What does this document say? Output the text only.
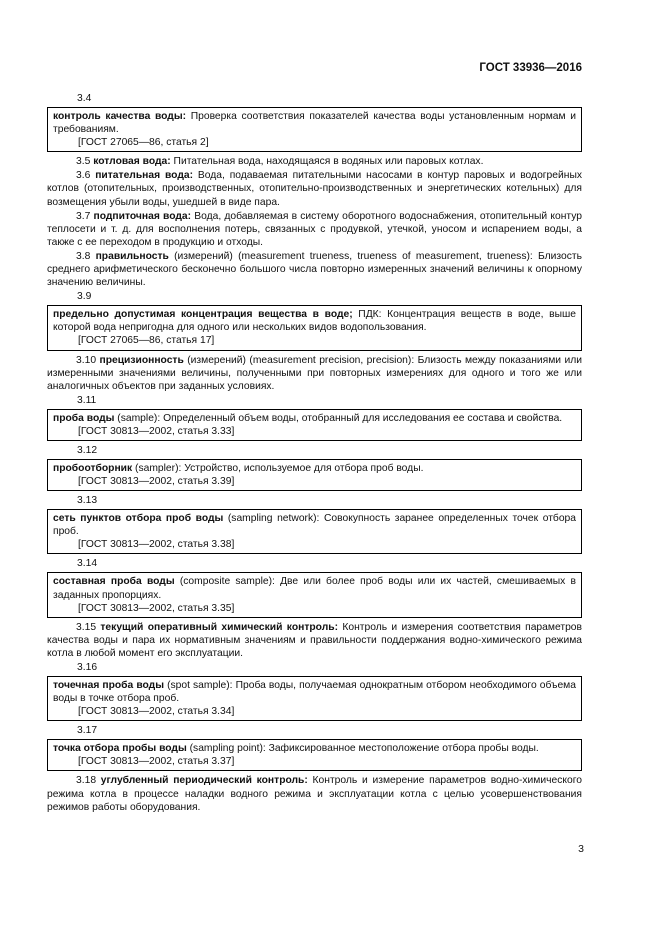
ГОСТ 33936—2016
3.4
контроль качества воды: Проверка соответствия показателей качества воды установленным нормам и требованиям.
[ГОСТ 27065—86, статья 2]
3.5 котловая вода: Питательная вода, находящаяся в водяных или паровых котлах.
3.6 питательная вода: Вода, подаваемая питательными насосами в контур паровых и водогрейных котлов (отопительных, производственных, отопительно-производственных и энергетических котельных) для возмещения убыли воды, ушедшей в виде пара.
3.7 подпиточная вода: Вода, добавляемая в систему оборотного водоснабжения, отопительный контур теплосети и т. д. для восполнения потерь, связанных с продувкой, утечкой, уносом и испарением воды, а также с ее переходом в продукцию и отходы.
3.8 правильность (измерений) (measurement trueness, trueness of measurement, trueness): Близость среднего арифметического бесконечно большого числа повторно измеренных значений величины к опорному значению величины.
3.9
предельно допустимая концентрация вещества в воде; ПДК: Концентрация веществ в воде, выше которой вода непригодна для одного или нескольких видов водопользования.
[ГОСТ 27065—86, статья 17]
3.10 прецизионность (измерений) (measurement precision, precision): Близость между показаниями или измеренными значениями величины, полученными при повторных измерениях для одного и того же или аналогичных объектов при заданных условиях.
3.11
проба воды (sample): Определенный объем воды, отобранный для исследования ее состава и свойства.
[ГОСТ 30813—2002, статья 3.33]
3.12
пробоотборник (sampler): Устройство, используемое для отбора проб воды.
[ГОСТ 30813—2002, статья 3.39]
3.13
сеть пунктов отбора проб воды (sampling network): Совокупность заранее определенных точек отбора проб.
[ГОСТ 30813—2002, статья 3.38]
3.14
составная проба воды (composite sample): Две или более проб воды или их частей, смешиваемых в заданных пропорциях.
[ГОСТ 30813—2002, статья 3.35]
3.15 текущий оперативный химический контроль: Контроль и измерения соответствия параметров качества воды и пара их нормативным значениям и правильности поддержания водно-химического режима котла в любой момент его эксплуатации.
3.16
точечная проба воды (spot sample): Проба воды, получаемая однократным отбором необходимого объема воды в точке отбора проб.
[ГОСТ 30813—2002, статья 3.34]
3.17
точка отбора пробы воды (sampling point): Зафиксированное местоположение отбора пробы воды.
[ГОСТ 30813—2002, статья 3.37]
3.18 углубленный периодический контроль: Контроль и измерение параметров водно-химического режима котла в процессе наладки водного режима и эксплуатации котла с целью усовершенствования режимов работы оборудования.
3
